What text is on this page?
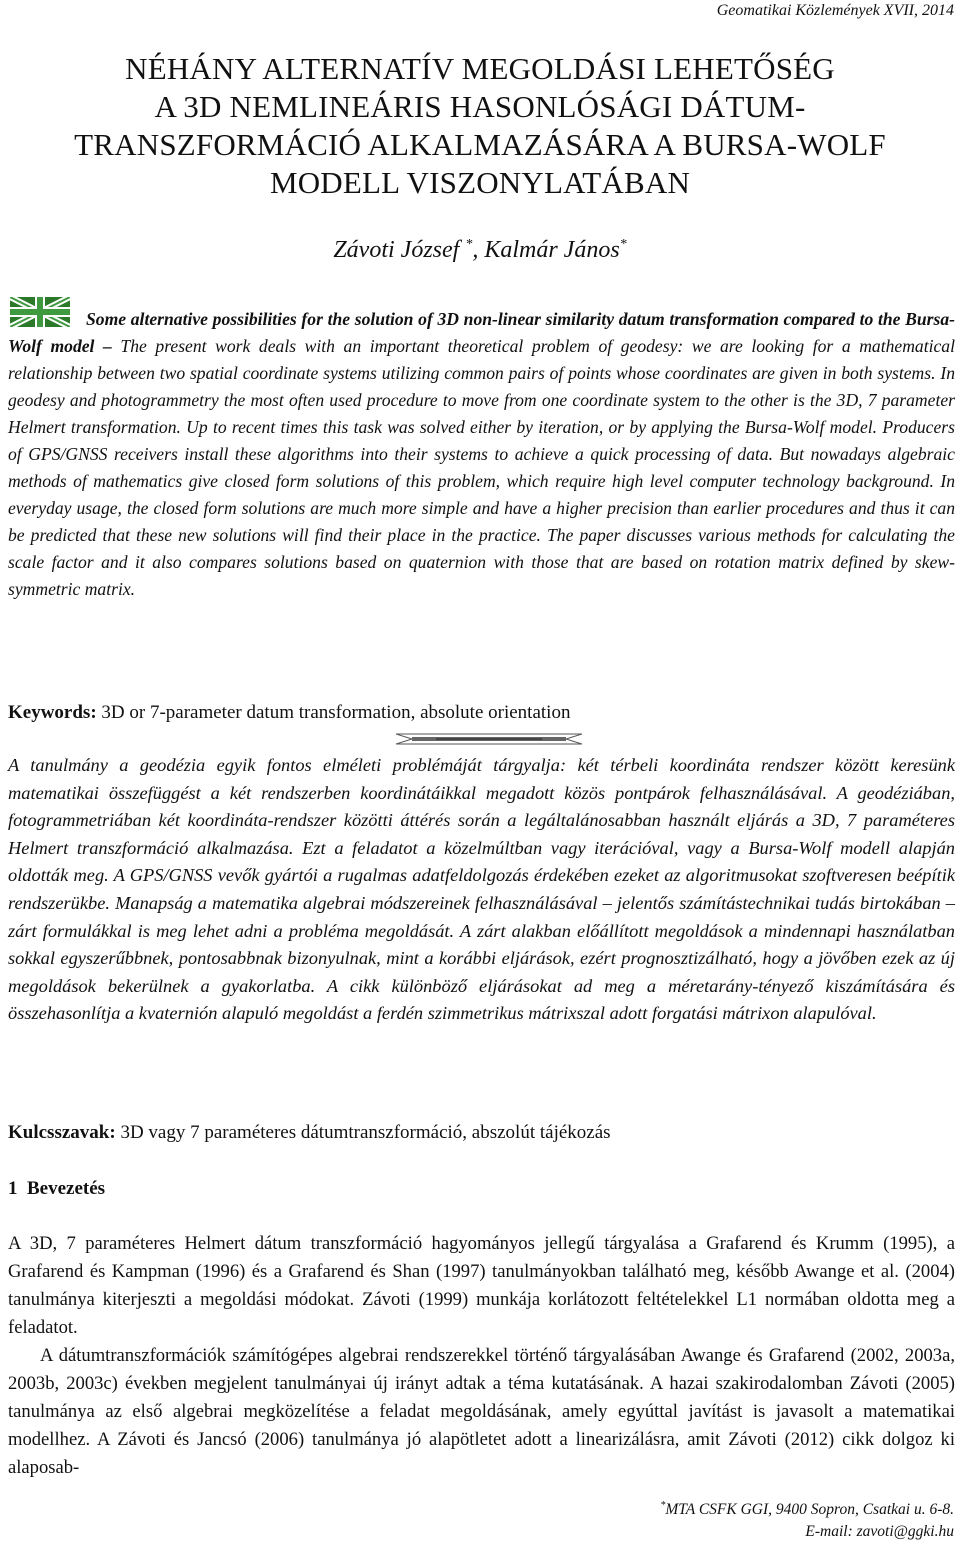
Geomatikai Közlemények XVII, 2014
NÉHÁNY ALTERNATÍV MEGOLDÁSI LEHETŐSÉG
A 3D NEMLINEÁRIS HASONLÓSÁGI DÁTUM-
TRANSZFORMÁCIÓ ALKALMAZÁSÁRA A BURSA-WOLF
MODELL VISZONYLATÁBAN
Závoti József *, Kalmár János*
Some alternative possibilities for the solution of 3D non-linear similarity datum transformation compared to the Bursa-Wolf model – The present work deals with an important theoretical problem of geodesy: we are looking for a mathematical relationship between two spatial coordinate systems utilizing common pairs of points whose coordinates are given in both systems. In geodesy and photogrammetry the most often used procedure to move from one coordinate system to the other is the 3D, 7 parameter Helmert transformation. Up to recent times this task was solved either by iteration, or by applying the Bursa-Wolf model. Producers of GPS/GNSS receivers install these algorithms into their systems to achieve a quick processing of data. But nowadays algebraic methods of mathematics give closed form solutions of this problem, which require high level computer technology background. In everyday usage, the closed form solutions are much more simple and have a higher precision than earlier procedures and thus it can be predicted that these new solutions will find their place in the practice. The paper discusses various methods for calculating the scale factor and it also compares solutions based on quaternion with those that are based on rotation matrix defined by skew-symmetric matrix.
Keywords: 3D or 7-parameter datum transformation, absolute orientation
A tanulmány a geodézia egyik fontos elméleti problémáját tárgyalja: két térbeli koordináta rendszer között keresünk matematikai összefüggést a két rendszerben koordinátáikkal megadott közös pontpárok felhasználásával. A geodéziában, fotogrammetriában két koordináta-rendszer közötti áttérés során a legáltalánosabban használt eljárás a 3D, 7 paraméteres Helmert transzformáció alkalmazása. Ezt a feladatot a közelmúltban vagy iterációval, vagy a Bursa-Wolf modell alapján oldották meg. A GPS/GNSS vevők gyártói a rugalmas adatfeldolgozás érdekében ezeket az algoritmusokat szoftveresen beépítik rendszerükbe. Manapság a matematika algebrai módszereinek felhasználásával – jelentős számítástechnikai tudás birtokában – zárt formulákkal is meg lehet adni a probléma megoldását. A zárt alakban előállított megoldások a mindennapi használatban sokkal egyszerűbbnek, pontosabbnak bizonyulnak, mint a korábbi eljárások, ezért prognosztizálható, hogy a jövőben ezek az új megoldások bekerülnek a gyakorlatba. A cikk különböző eljárásokat ad meg a méretarány-tényező kiszámítására és összehasonlítja a kvaternión alapuló megoldást a ferdén szimmetrikus mátrixszal adott forgatási mátrixon alapulóval.
Kulcsszavak: 3D vagy 7 paraméteres dátumtranszformáció, abszolút tájékozás
1  Bevezetés

A 3D, 7 paraméteres Helmert dátum transzformáció hagyományos jellegű tárgyalása a Grafarend és Krumm (1995), a Grafarend és Kampman (1996) és a Grafarend és Shan (1997) tanulmányokban található meg, később Awange et al. (2004) tanulmánya kiterjeszti a megoldási módokat. Závoti (1999) munkája korlátozott feltételekkel L1 normában oldotta meg a feladatot.

A dátumtranszformációk számítógépes algebrai rendszerekkel történő tárgyalásában Awange és Grafarend (2002, 2003a, 2003b, 2003c) években megjelent tanulmányai új irányt adtak a téma kutatásának. A hazai szakirodalomban Závoti (2005) tanulmánya az első algebrai megközelítése a feladat megoldásának, amely egyúttal javítást is javasolt a matematikai modellhez. A Závoti és Jancsó (2006) tanulmánya jó alapötletet adott a linearizálásra, amit Závoti (2012) cikk dolgoz ki alaposab-

*MTA CSFK GGI, 9400 Sopron, Csatkai u. 6-8.
E-mail: zavoti@ggki.hu
